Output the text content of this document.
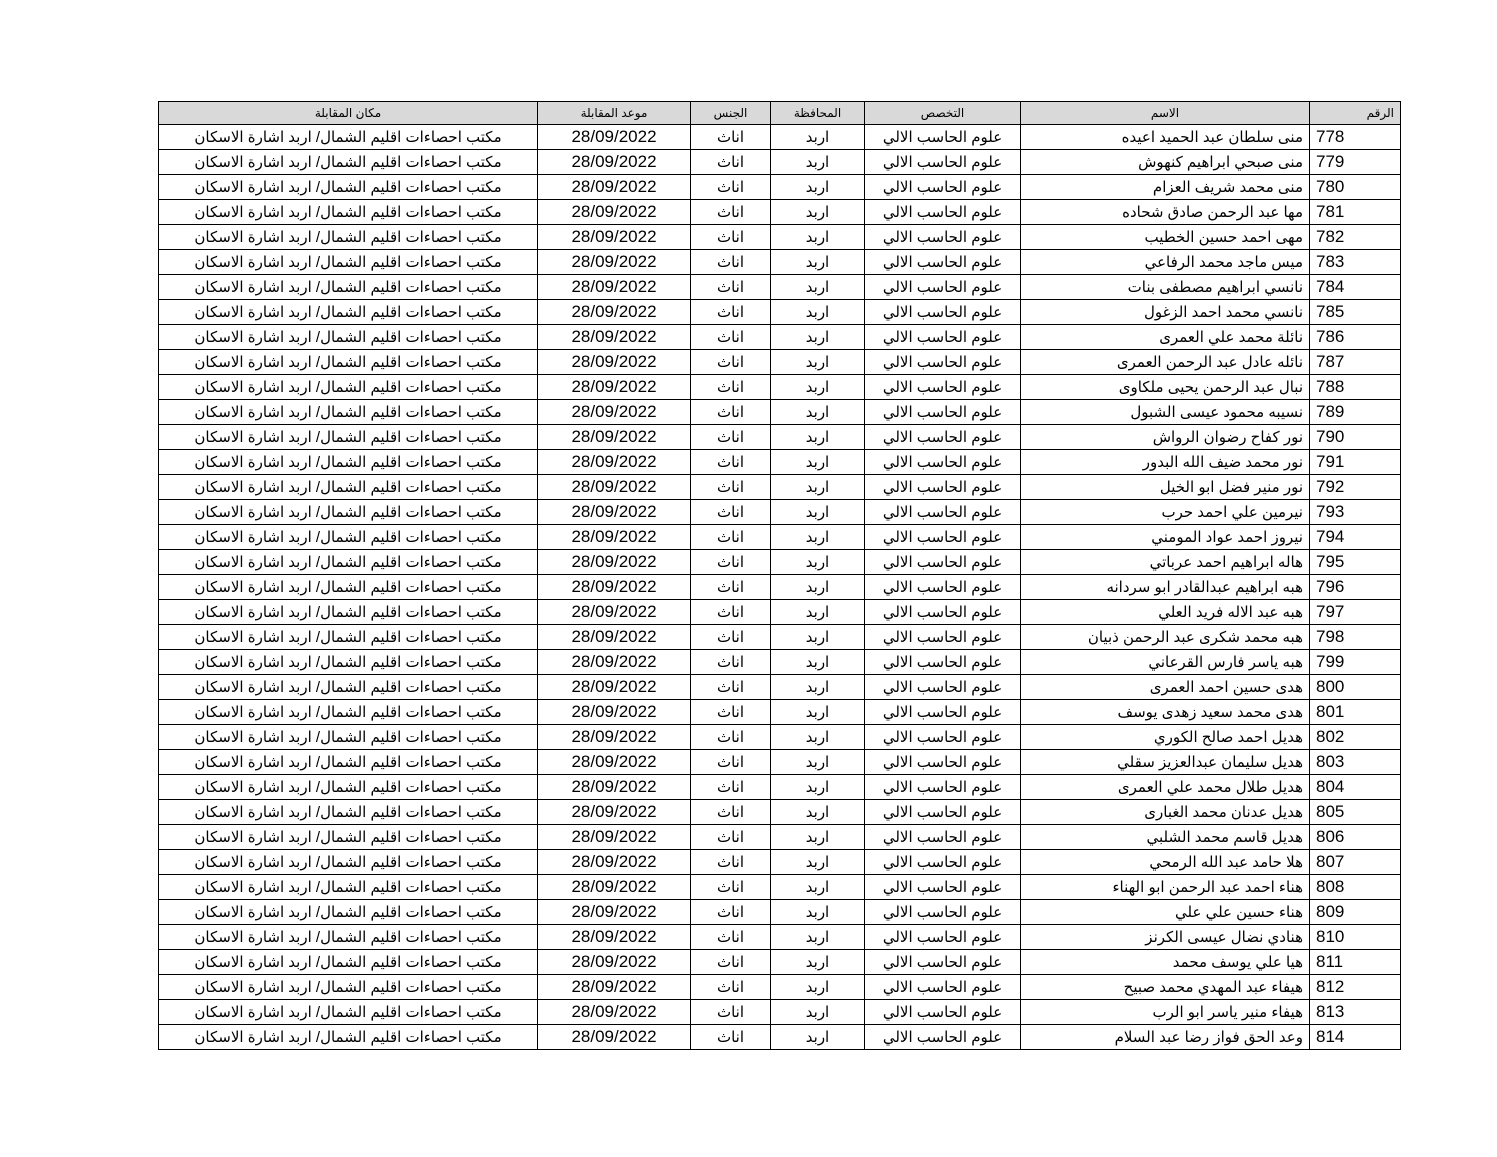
الرقم	الاسم	التخصص	المحافظة	الجنس	موعد المقابلة	مكان المقابلة
778	منى سلطان عبد الحميد اعيده	علوم الحاسب الالي	اربد	اناث	28/09/2022	مكتب احصاءات اقليم الشمال/ اربد اشارة الاسكان
779	منى صبحي ابراهيم كنهوش	علوم الحاسب الالي	اربد	اناث	28/09/2022	مكتب احصاءات اقليم الشمال/ اربد اشارة الاسكان
780	منى محمد شريف العزام	علوم الحاسب الالي	اربد	اناث	28/09/2022	مكتب احصاءات اقليم الشمال/ اربد اشارة الاسكان
781	مها عبد الرحمن صادق شحاده	علوم الحاسب الالي	اربد	اناث	28/09/2022	مكتب احصاءات اقليم الشمال/ اربد اشارة الاسكان
782	مهى احمد حسين الخطيب	علوم الحاسب الالي	اربد	اناث	28/09/2022	مكتب احصاءات اقليم الشمال/ اربد اشارة الاسكان
783	ميس ماجد محمد الرفاعي	علوم الحاسب الالي	اربد	اناث	28/09/2022	مكتب احصاءات اقليم الشمال/ اربد اشارة الاسكان
784	نانسي ابراهيم مصطفى بنات	علوم الحاسب الالي	اربد	اناث	28/09/2022	مكتب احصاءات اقليم الشمال/ اربد اشارة الاسكان
785	نانسي محمد احمد الزغول	علوم الحاسب الالي	اربد	اناث	28/09/2022	مكتب احصاءات اقليم الشمال/ اربد اشارة الاسكان
786	نائلة محمد علي العمرى	علوم الحاسب الالي	اربد	اناث	28/09/2022	مكتب احصاءات اقليم الشمال/ اربد اشارة الاسكان
787	نائله عادل عبد الرحمن العمرى	علوم الحاسب الالي	اربد	اناث	28/09/2022	مكتب احصاءات اقليم الشمال/ اربد اشارة الاسكان
788	نبال عبد الرحمن يحيى ملكاوى	علوم الحاسب الالي	اربد	اناث	28/09/2022	مكتب احصاءات اقليم الشمال/ اربد اشارة الاسكان
789	نسيبه محمود عيسى الشبول	علوم الحاسب الالي	اربد	اناث	28/09/2022	مكتب احصاءات اقليم الشمال/ اربد اشارة الاسكان
790	نور كفاح رضوان الرواش	علوم الحاسب الالي	اربد	اناث	28/09/2022	مكتب احصاءات اقليم الشمال/ اربد اشارة الاسكان
791	نور محمد ضيف الله البدور	علوم الحاسب الالي	اربد	اناث	28/09/2022	مكتب احصاءات اقليم الشمال/ اربد اشارة الاسكان
792	نور منير فضل ابو الخيل	علوم الحاسب الالي	اربد	اناث	28/09/2022	مكتب احصاءات اقليم الشمال/ اربد اشارة الاسكان
793	نيرمين علي احمد حرب	علوم الحاسب الالي	اربد	اناث	28/09/2022	مكتب احصاءات اقليم الشمال/ اربد اشارة الاسكان
794	نيروز احمد عواد المومني	علوم الحاسب الالي	اربد	اناث	28/09/2022	مكتب احصاءات اقليم الشمال/ اربد اشارة الاسكان
795	هاله ابراهيم احمد عرباتي	علوم الحاسب الالي	اربد	اناث	28/09/2022	مكتب احصاءات اقليم الشمال/ اربد اشارة الاسكان
796	هبه ابراهيم عبدالقادر ابو سردانه	علوم الحاسب الالي	اربد	اناث	28/09/2022	مكتب احصاءات اقليم الشمال/ اربد اشارة الاسكان
797	هبه عبد الاله فريد العلي	علوم الحاسب الالي	اربد	اناث	28/09/2022	مكتب احصاءات اقليم الشمال/ اربد اشارة الاسكان
798	هبه محمد شكرى عبد الرحمن ذبيان	علوم الحاسب الالي	اربد	اناث	28/09/2022	مكتب احصاءات اقليم الشمال/ اربد اشارة الاسكان
799	هبه ياسر فارس القرعاني	علوم الحاسب الالي	اربد	اناث	28/09/2022	مكتب احصاءات اقليم الشمال/ اربد اشارة الاسكان
800	هدى حسين احمد العمرى	علوم الحاسب الالي	اربد	اناث	28/09/2022	مكتب احصاءات اقليم الشمال/ اربد اشارة الاسكان
801	هدى محمد سعيد زهدى يوسف	علوم الحاسب الالي	اربد	اناث	28/09/2022	مكتب احصاءات اقليم الشمال/ اربد اشارة الاسكان
802	هديل احمد صالح الكوري	علوم الحاسب الالي	اربد	اناث	28/09/2022	مكتب احصاءات اقليم الشمال/ اربد اشارة الاسكان
803	هديل سليمان عبدالعزيز سقلي	علوم الحاسب الالي	اربد	اناث	28/09/2022	مكتب احصاءات اقليم الشمال/ اربد اشارة الاسكان
804	هديل طلال محمد علي العمرى	علوم الحاسب الالي	اربد	اناث	28/09/2022	مكتب احصاءات اقليم الشمال/ اربد اشارة الاسكان
805	هديل عدنان محمد الغبارى	علوم الحاسب الالي	اربد	اناث	28/09/2022	مكتب احصاءات اقليم الشمال/ اربد اشارة الاسكان
806	هديل قاسم محمد الشلبي	علوم الحاسب الالي	اربد	اناث	28/09/2022	مكتب احصاءات اقليم الشمال/ اربد اشارة الاسكان
807	هلا حامد عبد الله الرمحي	علوم الحاسب الالي	اربد	اناث	28/09/2022	مكتب احصاءات اقليم الشمال/ اربد اشارة الاسكان
808	هناء احمد عبد الرحمن ابو الهناء	علوم الحاسب الالي	اربد	اناث	28/09/2022	مكتب احصاءات اقليم الشمال/ اربد اشارة الاسكان
809	هناء حسين علي علي	علوم الحاسب الالي	اربد	اناث	28/09/2022	مكتب احصاءات اقليم الشمال/ اربد اشارة الاسكان
810	هنادي نضال عيسى الكرنز	علوم الحاسب الالي	اربد	اناث	28/09/2022	مكتب احصاءات اقليم الشمال/ اربد اشارة الاسكان
811	هيا علي يوسف محمد	علوم الحاسب الالي	اربد	اناث	28/09/2022	مكتب احصاءات اقليم الشمال/ اربد اشارة الاسكان
812	هيفاء عبد المهدي محمد صبيح	علوم الحاسب الالي	اربد	اناث	28/09/2022	مكتب احصاءات اقليم الشمال/ اربد اشارة الاسكان
813	هيفاء منير ياسر ابو الرب	علوم الحاسب الالي	اربد	اناث	28/09/2022	مكتب احصاءات اقليم الشمال/ اربد اشارة الاسكان
814	وعد الحق فواز رضا عبد السلام	علوم الحاسب الالي	اربد	اناث	28/09/2022	مكتب احصاءات اقليم الشمال/ اربد اشارة الاسكان
